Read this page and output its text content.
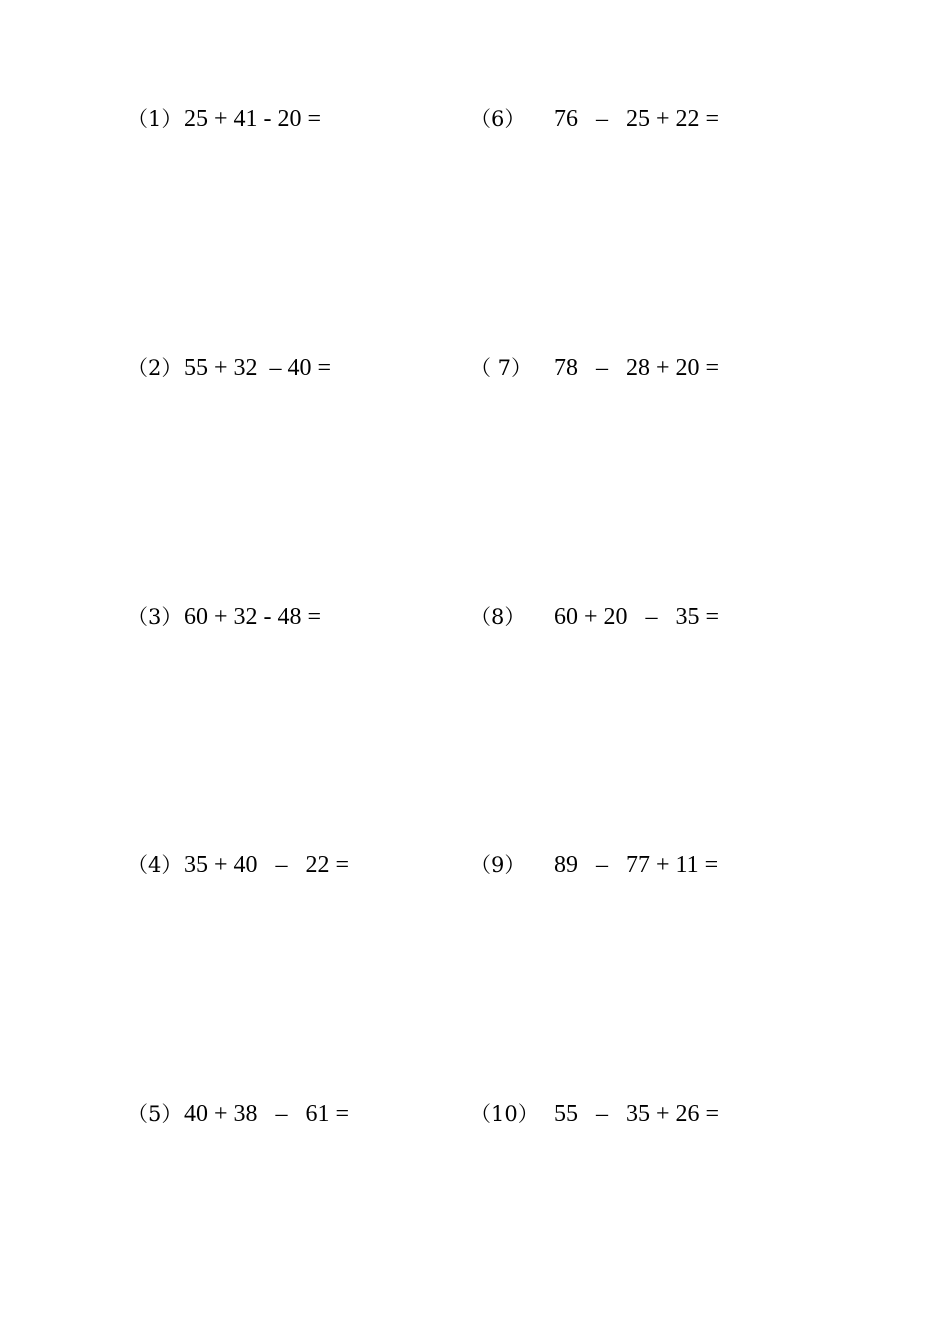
（1）25 + 41 - 20 =

（2）55 + 32  – 40 =

（3）60 + 32 - 48 =

（4）35 + 40   –   22 =

（5）40 + 38   –   61 =

（6） 76   –   25 + 22 =

（ 7） 78   –   28 + 20 =

（8） 60 + 20   –   35 =

（9） 89   –   77 + 11 =

（10） 55   –   35 + 26 =
